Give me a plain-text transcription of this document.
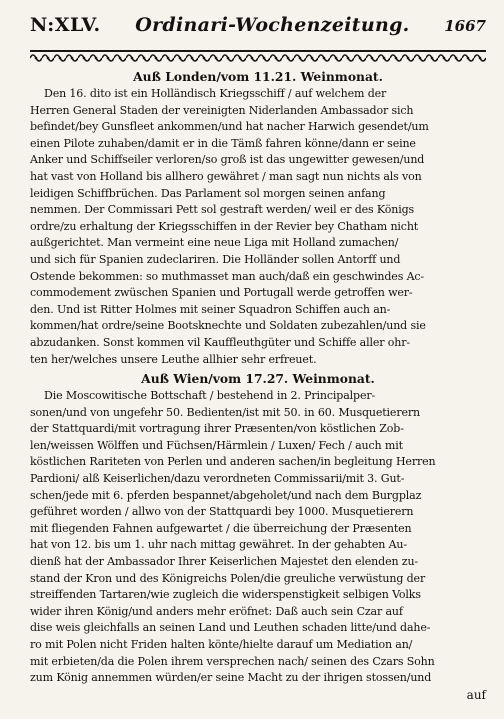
N:XLV. Ordinari-Wochenzeitung. 1667
Auß Londen/vom 11.21. Weinmonat.
Den 16. dito ist ein Holländisch Kriegsschiff / auf welchem der
Herren General Staden der vereinigten Niderlanden Ambassador sich
befindet/bey Gunsfleet ankommen/und hat nacher Harwich gesendet/um
einen Pilote zuhaben/damit er in die Tämß fahren könne/dann er seine
Anker und Schiffseiler verloren/so groß ist das ungewitter gewesen/und
hat vast von Holland bis allhero gewähret / man sagt nun nichts als von
leidigen Schiffbrüchen. Das Parlament sol morgen seinen anfang
nemmen. Der Commissari Pett sol gestraft werden/ weil er des Königs
ordre/zu erhaltung der Kriegsschiffen in der Revier bey Chatham nicht
außgerichtet. Man vermeint eine neue Liga mit Holland zumachen/
und sich für Spanien zudeclariren. Die Holländer sollen Antorff und
Ostende bekommen: so muthmasset man auch/daß ein geschwindes Ac-
commodement zwüschen Spanien und Portugall werde getroffen wer-
den. Und ist Ritter Holmes mit seiner Squadron Schiffen auch an-
kommen/hat ordre/seine Bootsknechte und Soldaten zubezahlen/und sie
abzudanken. Sonst kommen vil Kauffleuthgüter und Schiffe aller ohr-
ten her/welches unsere Leuthe allhier sehr erfreuet.
Auß Wien/vom 17.27. Weinmonat.
Die Moscowitische Bottschaft / bestehend in 2. Principalper-
sonen/und von ungefehr 50. Bedienten/ist mit 50. in 60. Musquetierern
der Stattquardi/mit vortragung ihrer Præsenten/von köstlichen Zob-
len/weissen Wölffen und Füchsen/Härmlein / Luxen/ Fech / auch mit
köstlichen Rariteten von Perlen und anderen sachen/in begleitung Herren
Pardioni/ alß Keiserlichen/dazu verordneten Commissarii/mit 3. Gut-
schen/jede mit 6. pferden bespannet/abgeholet/und nach dem Burgplaz
geführet worden / allwo von der Stattquardi bey 1000. Musquetierern
mit fliegenden Fahnen aufgewartet / die überreichung der Præsenten
hat von 12. bis um 1. uhr nach mittag gewähret. In der gehabten Au-
dienß hat der Ambassador Ihrer Keiserlichen Majestet den elenden zu-
stand der Kron und des Königreichs Polen/die greuliche verwüstung der
streiffenden Tartaren/wie zugleich die widerspenstigkeit selbigen Volks
wider ihren König/und anders mehr eröfnet: Daß auch sein Czar auf
dise weis gleichfalls an seinen Land und Leuthen schaden litte/und dahe-
ro mit Polen nicht Friden halten könte/hielte darauf um Mediation an/
mit erbieten/da die Polen ihrem versprechen nach/ seinen des Czars Sohn
zum König annemmen würden/er seine Macht zu der ihrigen stossen/und
auf
